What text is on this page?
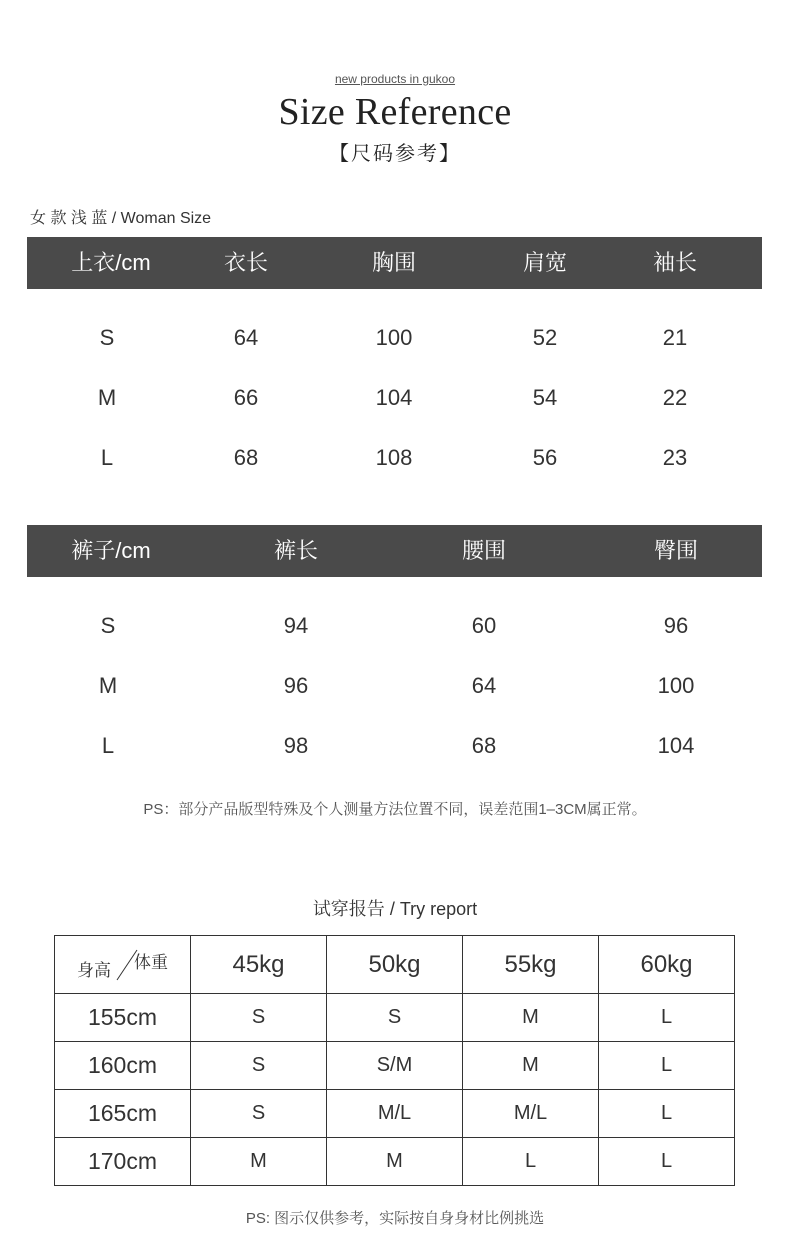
new products in gukoo
Size Reference
【尺码参考】
女 款 浅 蓝 / Woman Size
上衣/cm	衣长	胸围	肩宽	袖长
S	64	100	52	21
M	66	104	54	22
L	68	108	56	23
裤子/cm	裤长	腰围	臀围
S	94	60	96
M	96	64	100
L	98	68	104
PS：部分产品版型特殊及个人测量方法位置不同，误差范围1–3CM属正常。
试穿报告 / Try report
身高 体重	45kg	50kg	55kg	60kg
155cm	S	S	M	L
160cm	S	S/M	M	L
165cm	S	M/L	M/L	L
170cm	M	M	L	L
PS: 图示仅供参考，实际按自身身材比例挑选
